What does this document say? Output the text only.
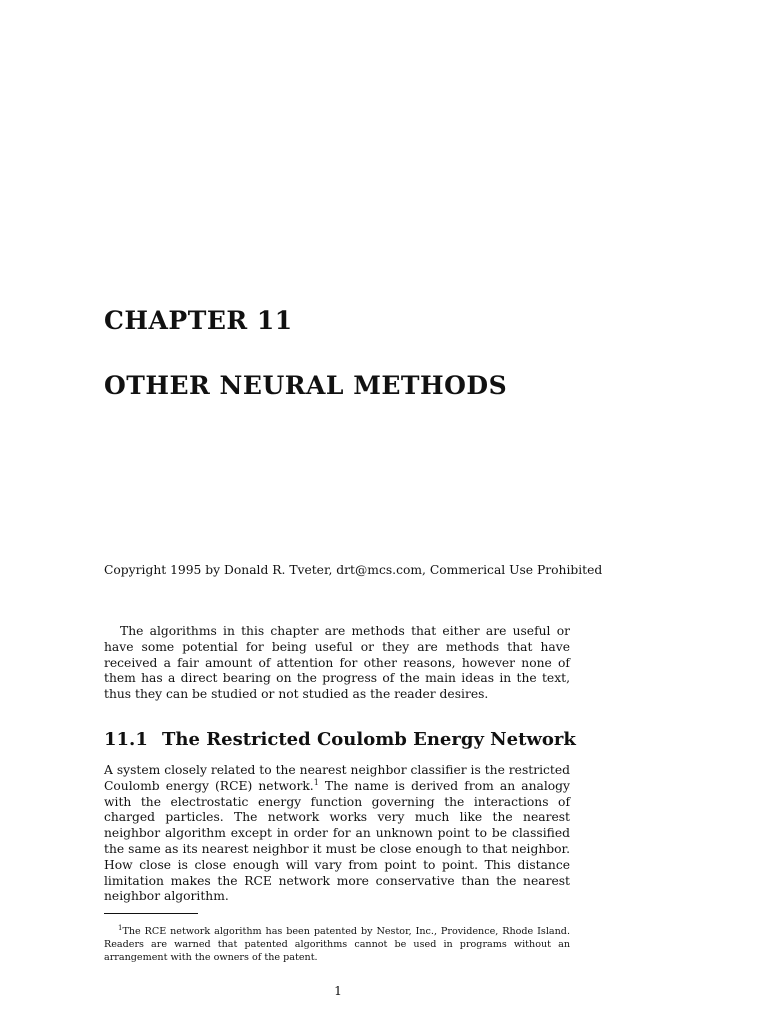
CHAPTER 11
OTHER NEURAL METHODS

Copyright 1995 by Donald R. Tveter, drt@mcs.com, Commerical Use Prohibited

The algorithms in this chapter are methods that either are useful or have some potential for being useful or they are methods that have received a fair amount of attention for other reasons, however none of them has a direct bearing on the progress of the main ideas in the text, thus they can be studied or not studied as the reader desires.

11.1 The Restricted Coulomb Energy Network

A system closely related to the nearest neighbor classifier is the restricted Coulomb energy (RCE) network.$^1$ The name is derived from an analogy with the electrostatic energy function governing the interactions of charged particles. The network works very much like the nearest neighbor algorithm except in order for an unknown point to be classified the same as its nearest neighbor it must be close enough to that neighbor. How close is close enough will vary from point to point. This distance limitation makes the RCE network more conservative than the nearest neighbor algorithm.

$^1$The RCE network algorithm has been patented by Nestor, Inc., Providence, Rhode Island. Readers are warned that patented algorithms cannot be used in programs without an arrangement with the owners of the patent.

1
